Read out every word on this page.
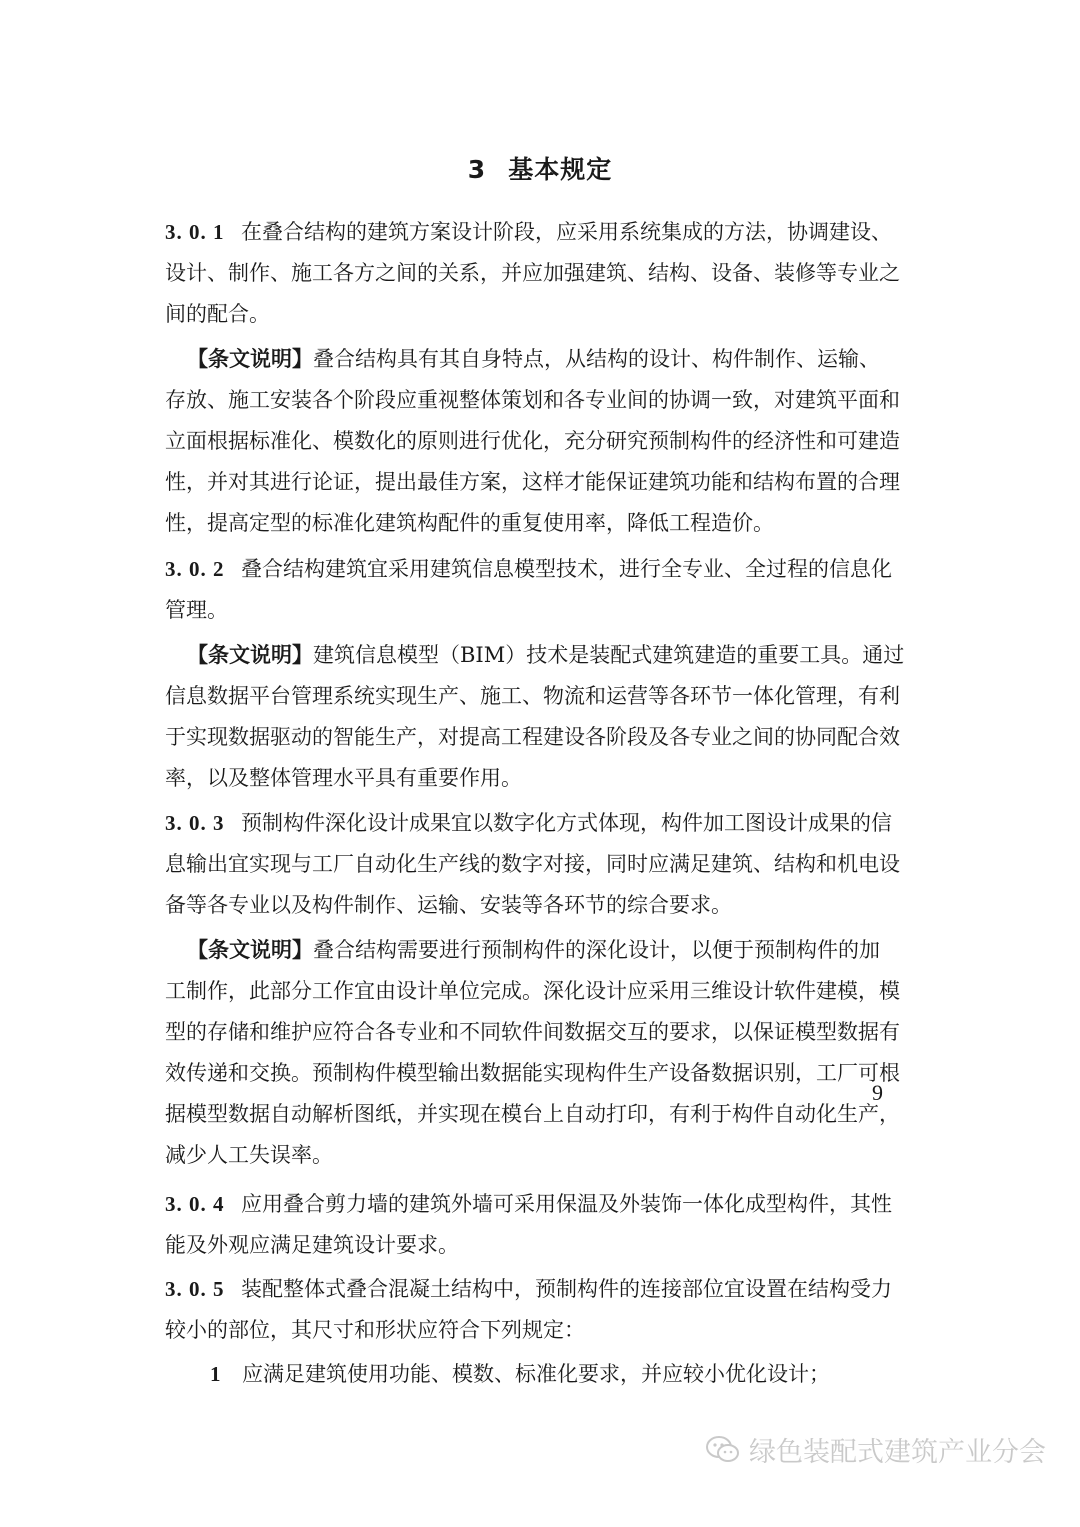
3 基本规定
3. 0. 1 在叠合结构的建筑方案设计阶段，应采用系统集成的方法，协调建设、
设计、制作、施工各方之间的关系，并应加强建筑、结构、设备、装修等专业之
间的配合。
【条文说明】叠合结构具有其自身特点，从结构的设计、构件制作、运输、
存放、施工安装各个阶段应重视整体策划和各专业间的协调一致，对建筑平面和
立面根据标准化、模数化的原则进行优化，充分研究预制构件的经济性和可建造
性，并对其进行论证，提出最佳方案，这样才能保证建筑功能和结构布置的合理
性，提高定型的标准化建筑构配件的重复使用率，降低工程造价。
3. 0. 2 叠合结构建筑宜采用建筑信息模型技术，进行全专业、全过程的信息化
管理。
【条文说明】建筑信息模型（BIM）技术是装配式建筑建造的重要工具。通过
信息数据平台管理系统实现生产、施工、物流和运营等各环节一体化管理，有利
于实现数据驱动的智能生产，对提高工程建设各阶段及各专业之间的协同配合效
率，以及整体管理水平具有重要作用。
3. 0. 3 预制构件深化设计成果宜以数字化方式体现，构件加工图设计成果的信
息输出宜实现与工厂自动化生产线的数字对接，同时应满足建筑、结构和机电设
备等各专业以及构件制作、运输、安装等各环节的综合要求。
【条文说明】叠合结构需要进行预制构件的深化设计，以便于预制构件的加
工制作，此部分工作宜由设计单位完成。深化设计应采用三维设计软件建模，模
型的存储和维护应符合各专业和不同软件间数据交互的要求，以保证模型数据有
效传递和交换。预制构件模型输出数据能实现构件生产设备数据识别，工厂可根
据模型数据自动解析图纸，并实现在模台上自动打印，有利于构件自动化生产，
减少人工失误率。
3. 0. 4 应用叠合剪力墙的建筑外墙可采用保温及外装饰一体化成型构件，其性
能及外观应满足建筑设计要求。
3. 0. 5 装配整体式叠合混凝土结构中，预制构件的连接部位宜设置在结构受力
较小的部位，其尺寸和形状应符合下列规定：
1 应满足建筑使用功能、模数、标准化要求，并应较小优化设计；
9
绿色装配式建筑产业分会
